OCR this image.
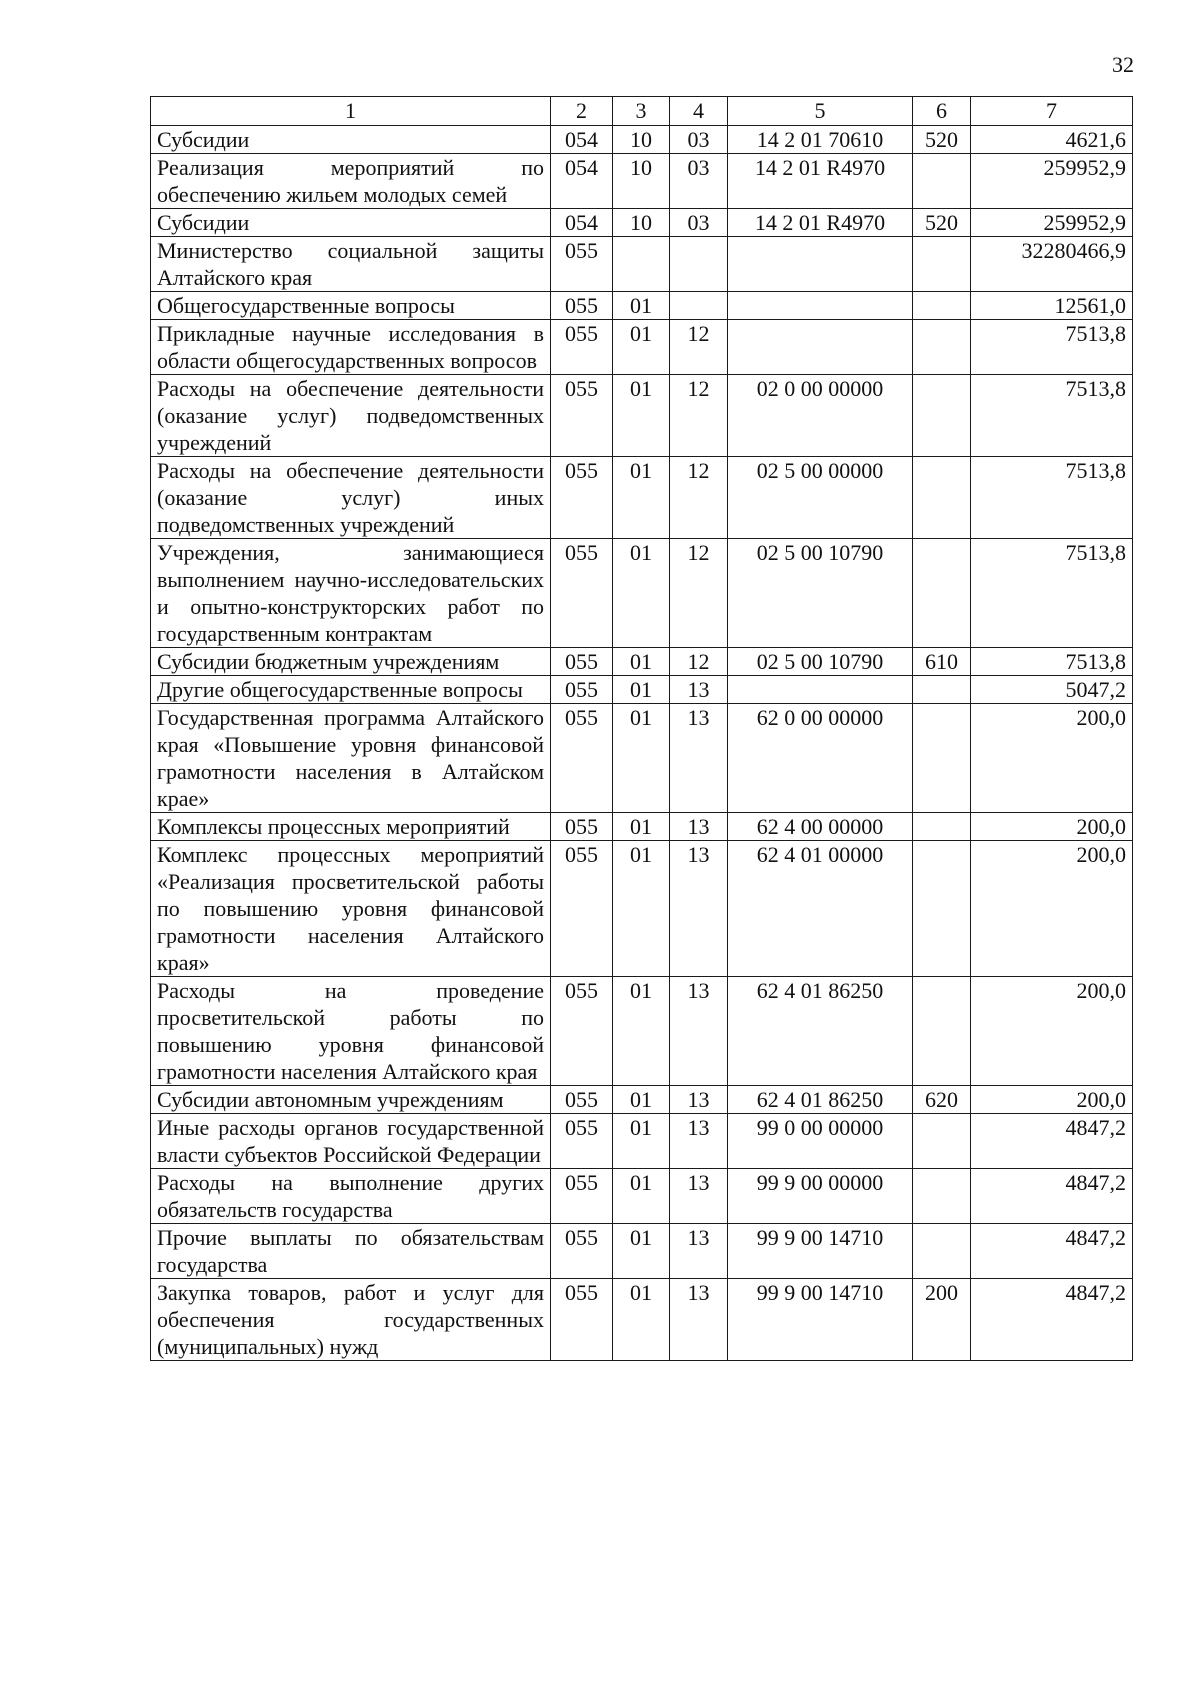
32
1	2	3	4	5	6	7
Субсидии	054	10	03	14 2 01 70610	520	4621,6
Реализация мероприятий по обеспечению жильем молодых семей	054	10	03	14 2 01 R4970		259952,9
Субсидии	054	10	03	14 2 01 R4970	520	259952,9
Министерство социальной защиты Алтайского края	055					32280466,9
Общегосударственные вопросы	055	01				12561,0
Прикладные научные исследования в области общегосударственных вопросов	055	01	12			7513,8
Расходы на обеспечение деятельности (оказание услуг) подведомственных учреждений	055	01	12	02 0 00 00000		7513,8
Расходы на обеспечение деятельности (оказание услуг) иных подведомственных учреждений	055	01	12	02 5 00 00000		7513,8
Учреждения, занимающиеся выполнением научно-исследовательских и опытно-конструкторских работ по государственным контрактам	055	01	12	02 5 00 10790		7513,8
Субсидии бюджетным учреждениям	055	01	12	02 5 00 10790	610	7513,8
Другие общегосударственные вопросы	055	01	13			5047,2
Государственная программа Алтайского края «Повышение уровня финансовой грамотности населения в Алтайском крае»	055	01	13	62 0 00 00000		200,0
Комплексы процессных мероприятий	055	01	13	62 4 00 00000		200,0
Комплекс процессных мероприятий «Реализация просветительской работы по повышению уровня финансовой грамотности населения Алтайского края»	055	01	13	62 4 01 00000		200,0
Расходы на проведение просветительской работы по повышению уровня финансовой грамотности населения Алтайского края	055	01	13	62 4 01 86250		200,0
Субсидии автономным учреждениям	055	01	13	62 4 01 86250	620	200,0
Иные расходы органов государственной власти субъектов Российской Федерации	055	01	13	99 0 00 00000		4847,2
Расходы на выполнение других обязательств государства	055	01	13	99 9 00 00000		4847,2
Прочие выплаты по обязательствам государства	055	01	13	99 9 00 14710		4847,2
Закупка товаров, работ и услуг для обеспечения государственных (муниципальных) нужд	055	01	13	99 9 00 14710	200	4847,2
